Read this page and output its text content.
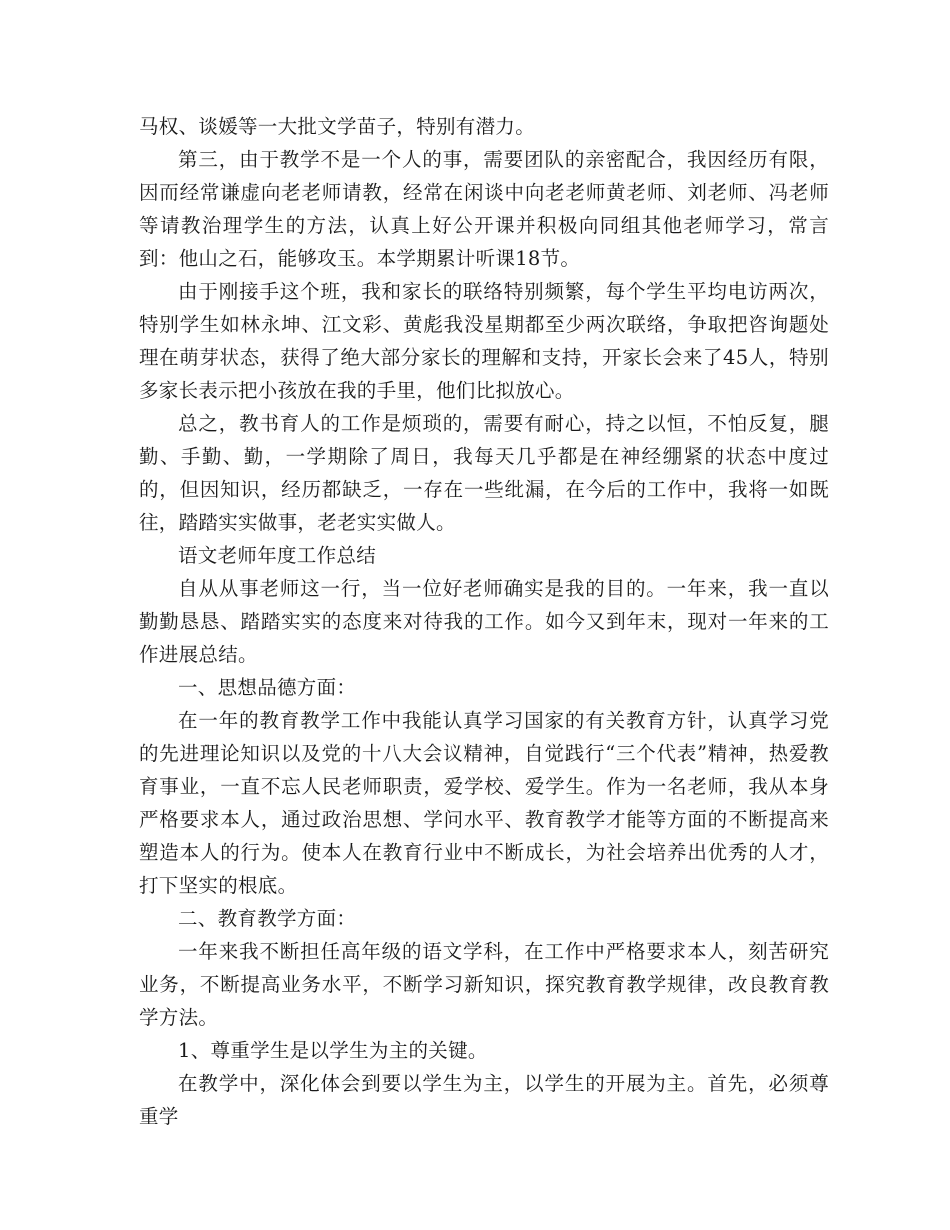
马权、谈媛等一大批文学苗子，特别有潜力。

第三，由于教学不是一个人的事，需要团队的亲密配合，我因经历有限，因而经常谦虚向老老师请教，经常在闲谈中向老老师黄老师、刘老师、冯老师等请教治理学生的方法，认真上好公开课并积极向同组其他老师学习，常言到：他山之石，能够攻玉。本学期累计听课18节。

由于刚接手这个班，我和家长的联络特别频繁，每个学生平均电访两次，特别学生如林永坤、江文彩、黄彪我没星期都至少两次联络，争取把咨询题处理在萌芽状态，获得了绝大部分家长的理解和支持，开家长会来了45人，特别多家长表示把小孩放在我的手里，他们比拟放心。

总之，教书育人的工作是烦琐的，需要有耐心，持之以恒，不怕反复，腿勤、手勤、勤，一学期除了周日，我每天几乎都是在神经绷紧的状态中度过的，但因知识，经历都缺乏，一存在一些纰漏，在今后的工作中，我将一如既往，踏踏实实做事，老老实实做人。

语文老师年度工作总结

自从从事老师这一行，当一位好老师确实是我的目的。一年来，我一直以勤勤恳恳、踏踏实实的态度来对待我的工作。如今又到年末，现对一年来的工作进展总结。

一、思想品德方面：

在一年的教育教学工作中我能认真学习国家的有关教育方针，认真学习党的先进理论知识以及党的十八大会议精神，自觉践行“三个代表”精神，热爱教育事业，一直不忘人民老师职责，爱学校、爱学生。作为一名老师，我从本身严格要求本人，通过政治思想、学问水平、教育教学才能等方面的不断提高来塑造本人的行为。使本人在教育行业中不断成长，为社会培养出优秀的人才，打下坚实的根底。

二、教育教学方面：

一年来我不断担任高年级的语文学科，在工作中严格要求本人，刻苦研究业务，不断提高业务水平，不断学习新知识，探究教育教学规律，改良教育教学方法。

1、尊重学生是以学生为主的关键。

在教学中，深化体会到要以学生为主，以学生的开展为主。首先，必须尊重学
